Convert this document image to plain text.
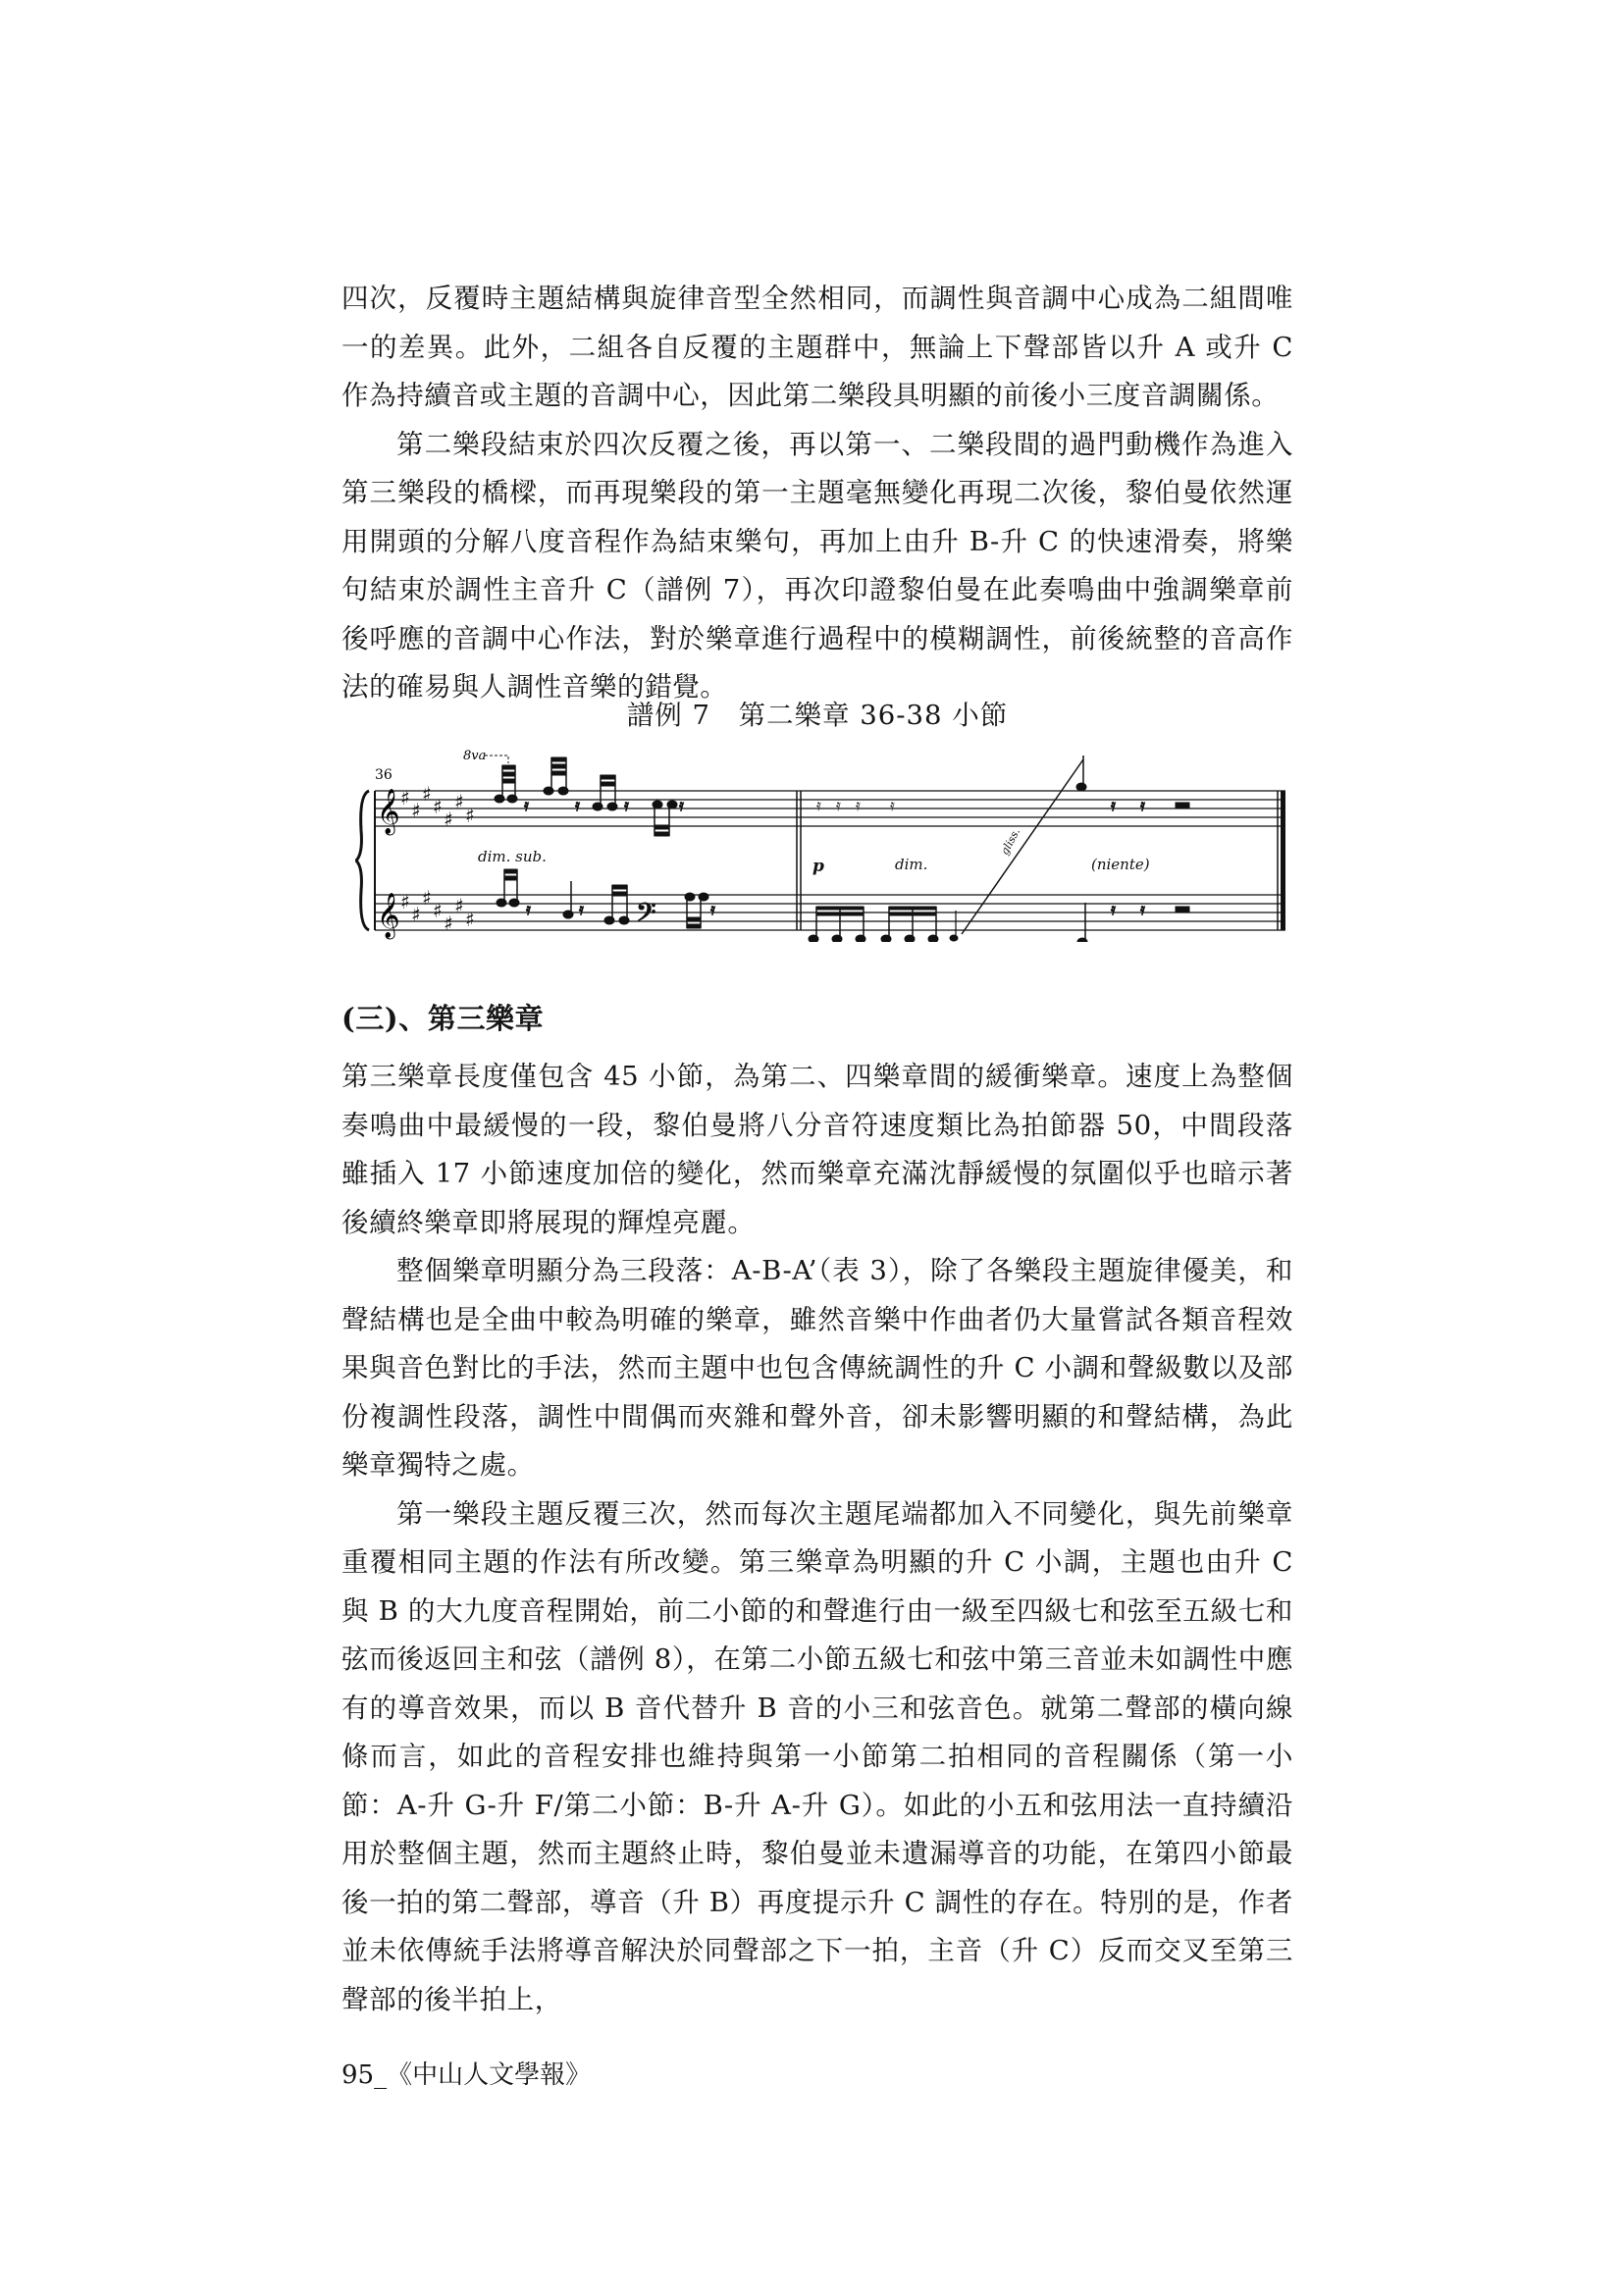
四次，反覆時主題結構與旋律音型全然相同，而調性與音調中心成為二組間唯一的差異。此外，二組各自反覆的主題群中，無論上下聲部皆以升 A 或升 C 作為持續音或主題的音調中心，因此第二樂段具明顯的前後小三度音調關係。

第二樂段結束於四次反覆之後，再以第一、二樂段間的過門動機作為進入第三樂段的橋樑，而再現樂段的第一主題毫無變化再現二次後，黎伯曼依然運用開頭的分解八度音程作為結束樂句，再加上由升 B-升 C 的快速滑奏，將樂句結束於調性主音升 C（譜例 7），再次印證黎伯曼在此奏鳴曲中強調樂章前後呼應的音調中心作法，對於樂章進行過程中的模糊調性，前後統整的音高作法的確易與人調性音樂的錯覺。

譜例 7　第二樂章 36-38 小節
𝄞
𝄞
♯
♯
♯
♯
♯
♯
♯
♯
♯
♯
♯
♯
♯
♯
36
8va
𝄿	𝄿	𝄿	𝄿
𝄿	𝄿 𝄢	𝄿
𝄿 𝄿 𝄿 𝄿	𝄿 𝄿
𝄿 𝄿
dim. sub.	p	dim.
gliss.
(niente)
(三)、第三樂章

第三樂章長度僅包含 45 小節，為第二、四樂章間的緩衝樂章。速度上為整個奏鳴曲中最緩慢的一段，黎伯曼將八分音符速度類比為拍節器 50，中間段落雖插入 17 小節速度加倍的變化，然而樂章充滿沈靜緩慢的氛圍似乎也暗示著後續終樂章即將展現的輝煌亮麗。

整個樂章明顯分為三段落：A-B-A’（表 3），除了各樂段主題旋律優美，和聲結構也是全曲中較為明確的樂章，雖然音樂中作曲者仍大量嘗試各類音程效果與音色對比的手法，然而主題中也包含傳統調性的升 C 小調和聲級數以及部份複調性段落，調性中間偶而夾雜和聲外音，卻未影響明顯的和聲結構，為此樂章獨特之處。

第一樂段主題反覆三次，然而每次主題尾端都加入不同變化，與先前樂章重覆相同主題的作法有所改變。第三樂章為明顯的升 C 小調，主題也由升 C 與 B 的大九度音程開始，前二小節的和聲進行由一級至四級七和弦至五級七和弦而後返回主和弦（譜例 8），在第二小節五級七和弦中第三音並未如調性中應有的導音效果，而以 B 音代替升 B 音的小三和弦音色。就第二聲部的橫向線條而言，如此的音程安排也維持與第一小節第二拍相同的音程關係（第一小節：A-升 G-升 F/第二小節：B-升 A-升 G）。如此的小五和弦用法一直持續沿用於整個主題，然而主題終止時，黎伯曼並未遺漏導音的功能，在第四小節最後一拍的第二聲部，導音（升 B）再度提示升 C 調性的存在。特別的是，作者並未依傳統手法將導音解決於同聲部之下一拍，主音（升 C）反而交叉至第三聲部的後半拍上，

95_《中山人文學報》
